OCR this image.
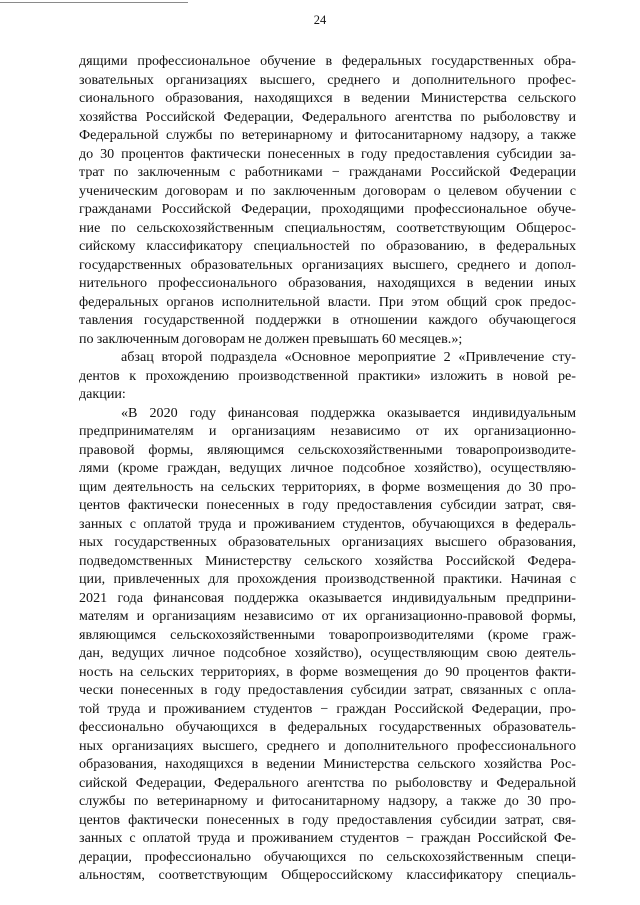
24
дящими профессиональное обучение в федеральных государственных обра-
зовательных организациях высшего, среднего и дополнительного профес-
сионального образования, находящихся в ведении Министерства сельского
хозяйства Российской Федерации, Федерального агентства по рыболовству и
Федеральной службы по ветеринарному и фитосанитарному надзору, а также
до 30 процентов фактически понесенных в году предоставления субсидии за-
трат по заключенным с работниками − гражданами Российской Федерации
ученическим договорам и по заключенным договорам о целевом обучении с
гражданами Российской Федерации, проходящими профессиональное обуче-
ние по сельскохозяйственным специальностям, соответствующим Общерос-
сийскому классификатору специальностей по образованию, в федеральных
государственных образовательных организациях высшего, среднего и допол-
нительного профессионального образования, находящихся в ведении иных
федеральных органов исполнительной власти. При этом общий срок предос-
тавления государственной поддержки в отношении каждого обучающегося
по заключенным договорам не должен превышать 60 месяцев.»;
абзац второй подраздела «Основное мероприятие 2 «Привлечение сту-
дентов к прохождению производственной практики» изложить в новой ре-
дакции:
«В 2020 году финансовая поддержка оказывается индивидуальным
предпринимателям и организациям независимо от их организационно-
правовой формы, являющимся сельскохозяйственными товаропроизводите-
лями (кроме граждан, ведущих личное подсобное хозяйство), осуществляю-
щим деятельность на сельских территориях, в форме возмещения до 30 про-
центов фактически понесенных в году предоставления субсидии затрат, свя-
занных с оплатой труда и проживанием студентов, обучающихся в федераль-
ных государственных образовательных организациях высшего образования,
подведомственных Министерству сельского хозяйства Российской Федера-
ции, привлеченных для прохождения производственной практики. Начиная с
2021 года финансовая поддержка оказывается индивидуальным предприни-
мателям и организациям независимо от их организационно-правовой формы,
являющимся сельскохозяйственными товаропроизводителями (кроме граж-
дан, ведущих личное подсобное хозяйство), осуществляющим свою деятель-
ность на сельских территориях, в форме возмещения до 90 процентов факти-
чески понесенных в году предоставления субсидии затрат, связанных с опла-
той труда и проживанием студентов − граждан Российской Федерации, про-
фессионально обучающихся в федеральных государственных образователь-
ных организациях высшего, среднего и дополнительного профессионального
образования, находящихся в ведении Министерства сельского хозяйства Рос-
сийской Федерации, Федерального агентства по рыболовству и Федеральной
службы по ветеринарному и фитосанитарному надзору, а также до 30 про-
центов фактически понесенных в году предоставления субсидии затрат, свя-
занных с оплатой труда и проживанием студентов − граждан Российской Фе-
дерации, профессионально обучающихся по сельскохозяйственным специ-
альностям, соответствующим Общероссийскому классификатору специаль-
